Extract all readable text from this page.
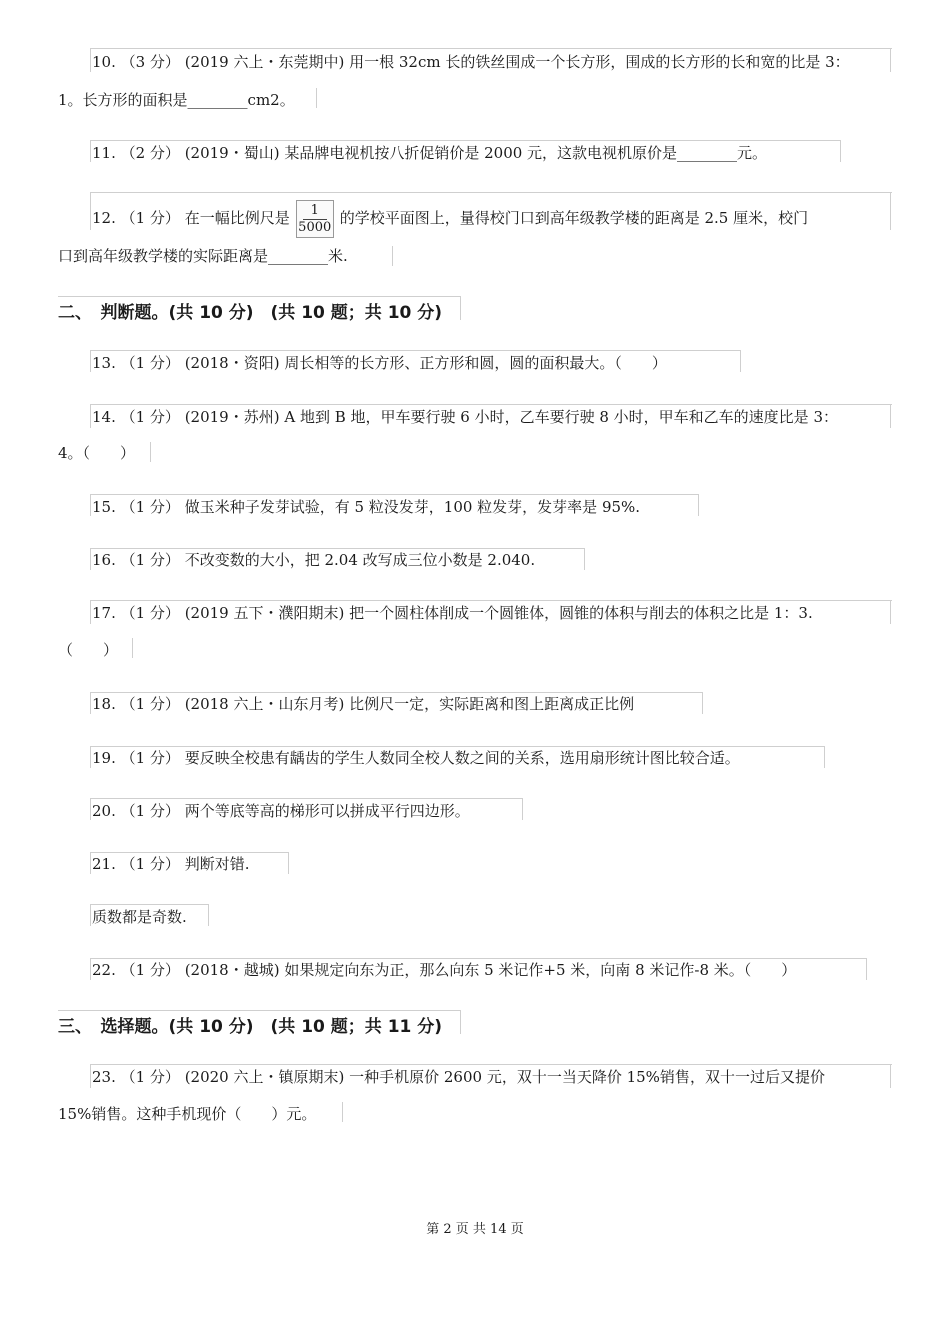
10. （3 分） (2019 六上・东莞期中) 用一根 32cm 长的铁丝围成一个长方形，围成的长方形的长和宽的比是 3：
1。长方形的面积是________cm2。
11. （2 分） (2019・蜀山) 某品牌电视机按八折促销价是 2000 元，这款电视机原价是________元。
12. （1 分） 在一幅比例尺是 $\frac{1}{5000}$ 的学校平面图上，量得校门口到高年级教学楼的距离是 2.5 厘米，校门
口到高年级教学楼的实际距离是________米.
二、　判断题。(共 10 分)　(共 10 题；共 10 分)
13. （1 分） (2018・资阳) 周长相等的长方形、正方形和圆，圆的面积最大。（　　）
14. （1 分） (2019・苏州) A 地到 B 地，甲车要行驶 6 小时，乙车要行驶 8 小时，甲车和乙车的速度比是 3：
4。（　　）
15. （1 分） 做玉米种子发芽试验，有 5 粒没发芽，100 粒发芽，发芽率是 95%.
16. （1 分） 不改变数的大小，把 2.04 改写成三位小数是 2.040.
17. （1 分） (2019 五下・濮阳期末) 把一个圆柱体削成一个圆锥体，圆锥的体积与削去的体积之比是 1：3.
（　　）
18. （1 分） (2018 六上・山东月考) 比例尺一定，实际距离和图上距离成正比例
19. （1 分） 要反映全校患有龋齿的学生人数同全校人数之间的关系，选用扇形统计图比较合适。
20. （1 分） 两个等底等高的梯形可以拼成平行四边形。
21. （1 分） 判断对错.
质数都是奇数.
22. （1 分） (2018・越城) 如果规定向东为正，那么向东 5 米记作+5 米，向南 8 米记作-8 米。（　　）
三、　选择题。(共 10 分)　(共 10 题；共 11 分)
23. （1 分） (2020 六上・镇原期末) 一种手机原价 2600 元，双十一当天降价 15%销售，双十一过后又提价
15%销售。这种手机现价（　　）元。
第 2 页 共 14 页
